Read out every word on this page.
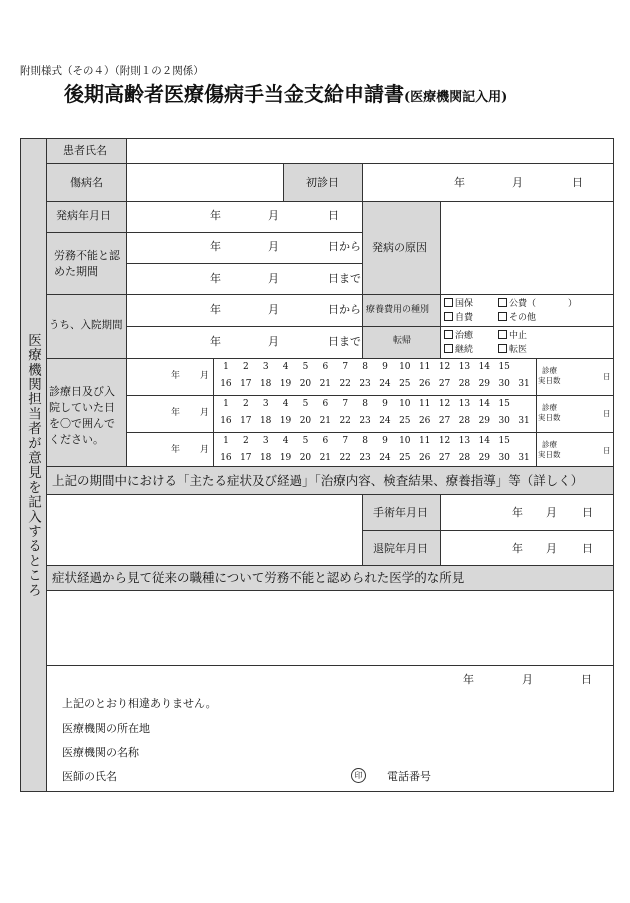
附則様式（その４）（附則１の２関係）
後期高齢者医療傷病手当金支給申請書(医療機関記入用)
医療機関担当者が意見を記入するところ
患者氏名
傷病名	初診日	年	月	日
発病年月日	年	月	日
発病の原因
労務不能と認めた期間
年	月	日から
年	月	日まで
うち、入院期間
年	月	日から
年	月	日まで
療養費用の種別
国保	公費（	）
自費	その他
転帰	治癒	中止
継続	転医
診療日及び入院していた日を〇で囲んでください。
年 月
1	2	3	4	5	6	7	8	9	10 11 12 13 14 15
16 17 18 19 20 21 22 23 24 25 26 27 28 29 30 31
診療
実日数	日
年 月
1	2	3	4	5	6	7	8	9	10 11 12 13 14 15
16 17 18 19 20 21 22 23 24 25 26 27 28 29 30 31
診療
実日数	日
年 月
1	2	3	4	5	6	7	8	9	10 11 12 13 14 15
16 17 18 19 20 21 22 23 24 25 26 27 28 29 30 31
診療
実日数	日
上記の期間中における「主たる症状及び経過」「治療内容、検査結果、療養指導」等（詳しく）
手術年月日	年 月 日
退院年月日	年 月 日
症状経過から見て従来の職種について労務不能と認められた医学的な所見
年	月	日
上記のとおり相違ありません。
医療機関の所在地
医療機関の名称
医師の氏名	印	電話番号
